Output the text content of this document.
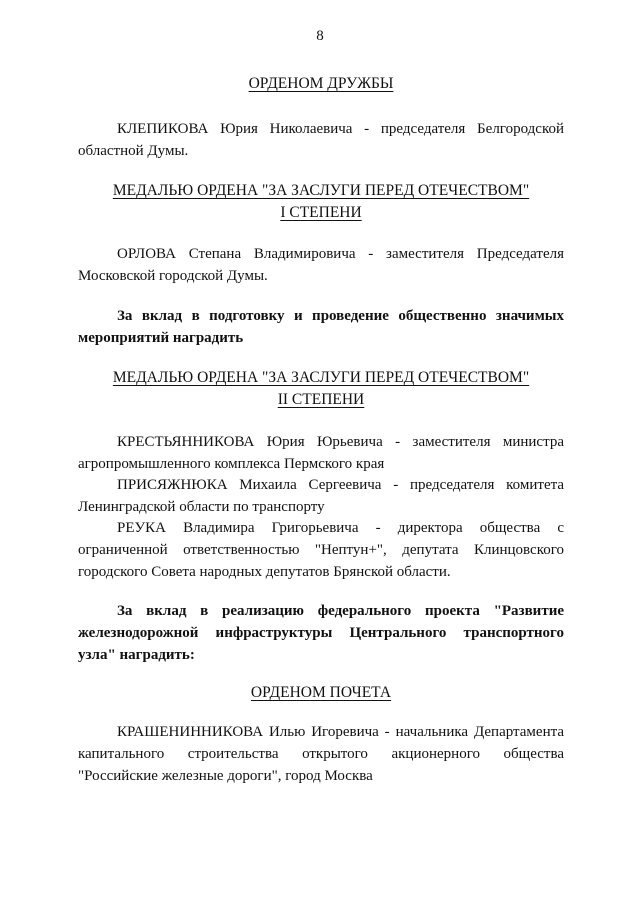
8
ОРДЕНОМ ДРУЖБЫ
КЛЕПИКОВА Юрия Николаевича - председателя Белгородской областной Думы.
МЕДАЛЬЮ ОРДЕНА "ЗА ЗАСЛУГИ ПЕРЕД ОТЕЧЕСТВОМ"
I СТЕПЕНИ
ОРЛОВА Степана Владимировича - заместителя Председателя Московской городской Думы.
За вклад в подготовку и проведение общественно значимых мероприятий наградить
МЕДАЛЬЮ ОРДЕНА "ЗА ЗАСЛУГИ ПЕРЕД ОТЕЧЕСТВОМ"
II СТЕПЕНИ
КРЕСТЬЯННИКОВА Юрия Юрьевича - заместителя министра агропромышленного комплекса Пермского края
ПРИСЯЖНЮКА Михаила Сергеевича - председателя комитета Ленинградской области по транспорту
РЕУКА Владимира Григорьевича - директора общества с ограниченной ответственностью "Нептун+", депутата Клинцовского городского Совета народных депутатов Брянской области.
За вклад в реализацию федерального проекта "Развитие железнодорожной инфраструктуры Центрального транспортного узла" наградить:
ОРДЕНОМ ПОЧЕТА
КРАШЕНИННИКОВА Илью Игоревича - начальника Департамента капитального строительства открытого акционерного общества "Российские железные дороги", город Москва
